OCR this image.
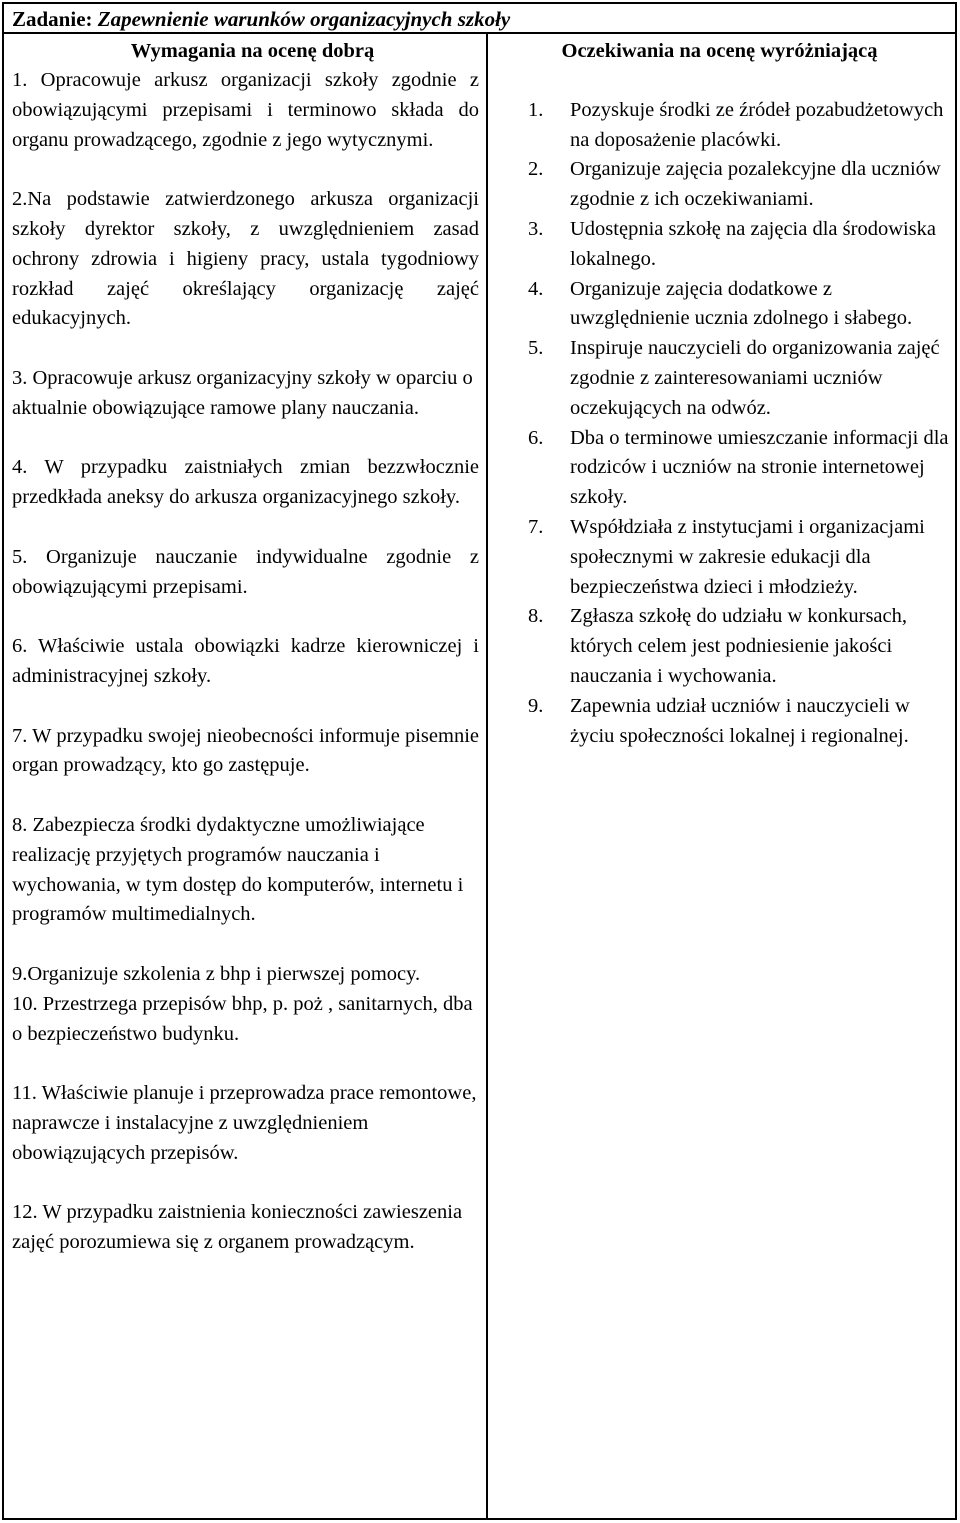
Zadanie: Zapewnienie warunków organizacyjnych szkoły
Wymagania na ocenę dobrą

1. Opracowuje arkusz organizacji szkoły zgodnie z obowiązującymi przepisami i terminowo składa do organu prowadzącego, zgodnie z jego wytycznymi.

2.Na podstawie zatwierdzonego arkusza organizacji szkoły dyrektor szkoły, z uwzględnieniem zasad ochrony zdrowia i higieny pracy, ustala tygodniowy rozkład zajęć określający organizację zajęć edukacyjnych.

3. Opracowuje arkusz organizacyjny szkoły w oparciu o aktualnie obowiązujące ramowe plany nauczania.

4. W przypadku zaistniałych zmian bezzwłocznie przedkłada aneksy do arkusza organizacyjnego szkoły.

5. Organizuje nauczanie indywidualne zgodnie z obowiązującymi przepisami.

6. Właściwie ustala obowiązki kadrze kierowniczej i administracyjnej szkoły.

7. W przypadku swojej nieobecności informuje pisemnie organ prowadzący, kto go zastępuje.

8. Zabezpiecza środki dydaktyczne umożliwiające realizację przyjętych programów nauczania i wychowania, w tym dostęp do komputerów, internetu i programów multimedialnych.

9.Organizuje szkolenia z bhp i pierwszej pomocy.

10. Przestrzega przepisów bhp, p. poż , sanitarnych, dba o bezpieczeństwo budynku.

11. Właściwie planuje i przeprowadza prace remontowe, naprawcze i instalacyjne z uwzględnieniem obowiązujących przepisów.

12. W przypadku zaistnienia konieczności zawieszenia zajęć porozumiewa się z organem prowadzącym.

Oczekiwania na ocenę wyróżniającą
1. Pozyskuje środki ze źródeł pozabudżetowych na doposażenie placówki.
2. Organizuje zajęcia pozalekcyjne dla uczniów zgodnie z ich oczekiwaniami.
3. Udostępnia szkołę na zajęcia dla środowiska lokalnego.
4. Organizuje zajęcia dodatkowe z uwzględnienie ucznia zdolnego i słabego.
5. Inspiruje nauczycieli do organizowania zajęć zgodnie z zainteresowaniami uczniów oczekujących na odwóz.
6. Dba o terminowe umieszczanie informacji dla rodziców i uczniów na stronie internetowej szkoły.
7. Współdziała z instytucjami i organizacjami społecznymi w zakresie edukacji dla bezpieczeństwa dzieci i młodzieży.
8. Zgłasza szkołę do udziału w konkursach, których celem jest podniesienie jakości nauczania i wychowania.
9. Zapewnia udział uczniów i nauczycieli w życiu społeczności lokalnej i regionalnej.
